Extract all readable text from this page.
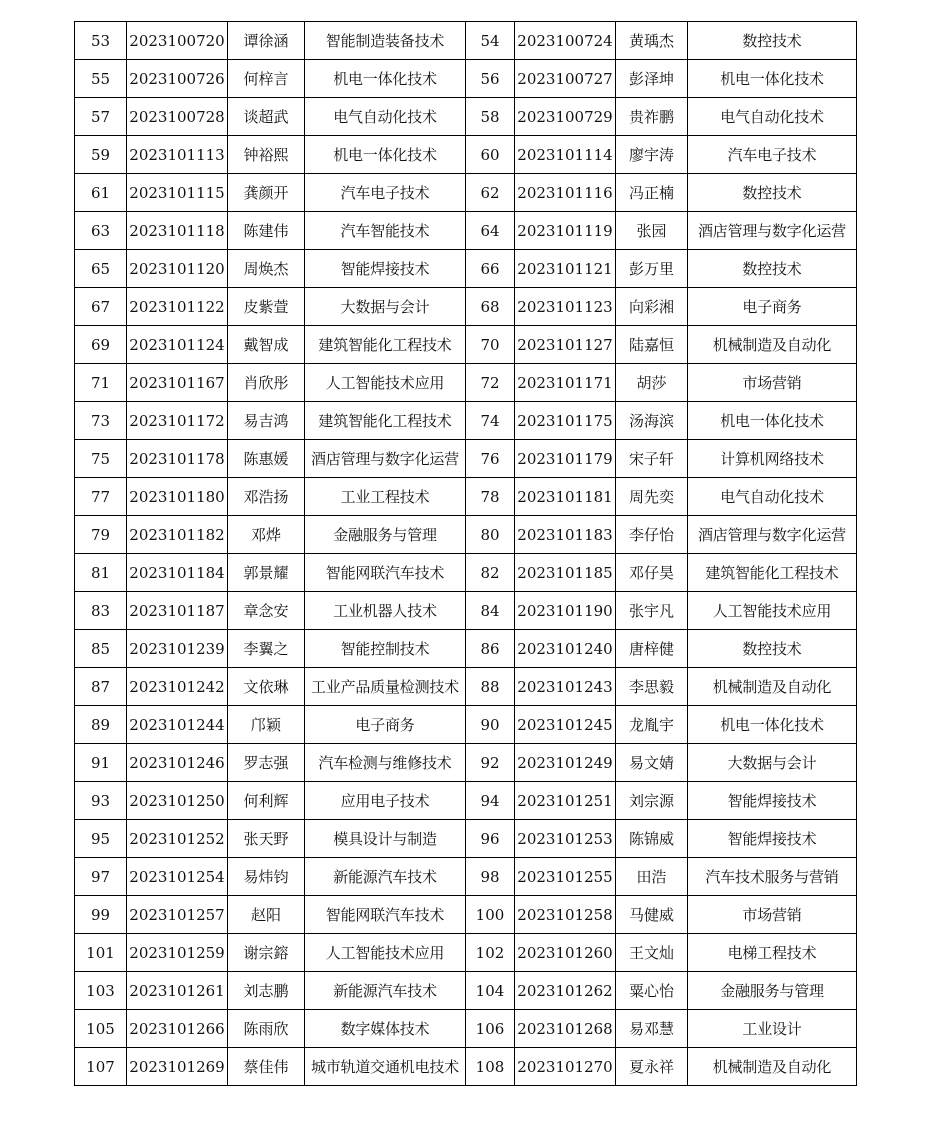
53	2023100720	谭徐涵	智能制造装备技术	54	2023100724	黄瑀杰	数控技术
55	2023100726	何梓言	机电一体化技术	56	2023100727	彭泽坤	机电一体化技术
57	2023100728	谈超武	电气自动化技术	58	2023100729	贵祚鹏	电气自动化技术
59	2023101113	钟裕熙	机电一体化技术	60	2023101114	廖宇涛	汽车电子技术
61	2023101115	龚颜开	汽车电子技术	62	2023101116	冯正楠	数控技术
63	2023101118	陈建伟	汽车智能技术	64	2023101119	张园	酒店管理与数字化运营
65	2023101120	周焕杰	智能焊接技术	66	2023101121	彭万里	数控技术
67	2023101122	皮紫萱	大数据与会计	68	2023101123	向彩湘	电子商务
69	2023101124	戴智成	建筑智能化工程技术	70	2023101127	陆嘉恒	机械制造及自动化
71	2023101167	肖欣彤	人工智能技术应用	72	2023101171	胡莎	市场营销
73	2023101172	易吉鸿	建筑智能化工程技术	74	2023101175	汤海滨	机电一体化技术
75	2023101178	陈惠媛	酒店管理与数字化运营	76	2023101179	宋子轩	计算机网络技术
77	2023101180	邓浩扬	工业工程技术	78	2023101181	周先奕	电气自动化技术
79	2023101182	邓烨	金融服务与管理	80	2023101183	李仔怡	酒店管理与数字化运营
81	2023101184	郭景耀	智能网联汽车技术	82	2023101185	邓仔昊	建筑智能化工程技术
83	2023101187	章念安	工业机器人技术	84	2023101190	张宇凡	人工智能技术应用
85	2023101239	李翼之	智能控制技术	86	2023101240	唐梓健	数控技术
87	2023101242	文依琳	工业产品质量检测技术	88	2023101243	李思毅	机械制造及自动化
89	2023101244	邝颖	电子商务	90	2023101245	龙胤宇	机电一体化技术
91	2023101246	罗志强	汽车检测与维修技术	92	2023101249	易文婧	大数据与会计
93	2023101250	何利辉	应用电子技术	94	2023101251	刘宗源	智能焊接技术
95	2023101252	张天野	模具设计与制造	96	2023101253	陈锦威	智能焊接技术
97	2023101254	易炜钧	新能源汽车技术	98	2023101255	田浩	汽车技术服务与营销
99	2023101257	赵阳	智能网联汽车技术	100	2023101258	马健威	市场营销
101	2023101259	谢宗鎔	人工智能技术应用	102	2023101260	王文灿	电梯工程技术
103	2023101261	刘志鹏	新能源汽车技术	104	2023101262	粟心怡	金融服务与管理
105	2023101266	陈雨欣	数字媒体技术	106	2023101268	易邓慧	工业设计
107	2023101269	蔡佳伟	城市轨道交通机电技术	108	2023101270	夏永祥	机械制造及自动化
